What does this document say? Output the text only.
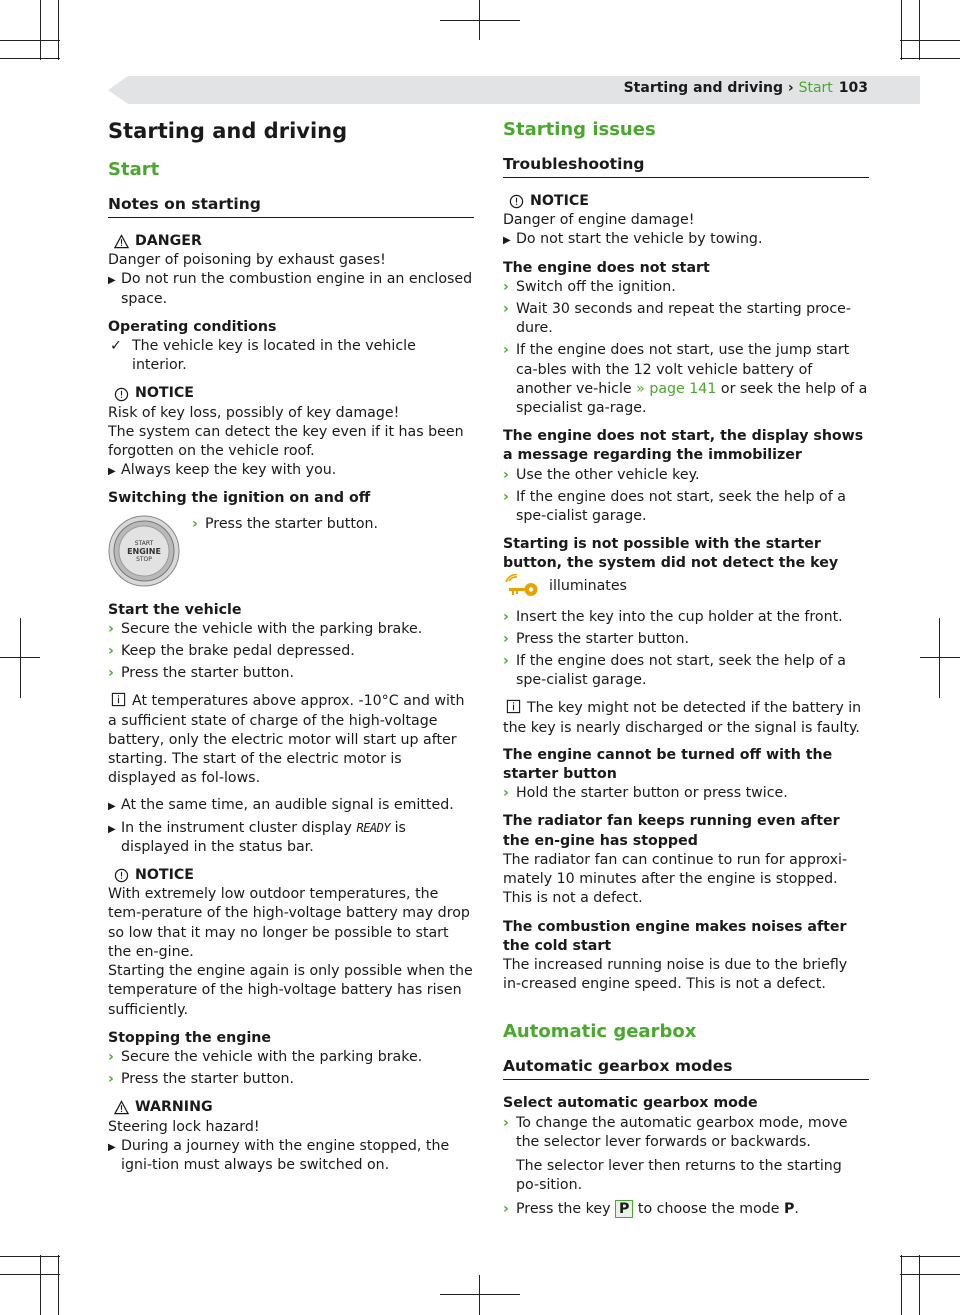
Starting and driving › Start 103
Starting and driving
Start
Notes on starting
DANGER
Danger of poisoning by exhaust gases!
▶ Do not run the combustion engine in an enclosed space.
Operating conditions
✓ The vehicle key is located in the vehicle interior.
NOTICE
Risk of key loss, possibly of key damage!
The system can detect the key even if it has been forgotten on the vehicle roof.
▶ Always keep the key with you.
Switching the ignition on and off
START
ENGINE
STOP
› Press the starter button.
Start the vehicle
› Secure the vehicle with the parking brake.
› Keep the brake pedal depressed.
› Press the starter button.

At temperatures above approx. -10°C and with a sufficient state of charge of the high-voltage battery, only the electric motor will start up after starting. The start of the electric motor is displayed as fol-lows.

▶ At the same time, an audible signal is emitted.
▶ In the instrument cluster display READY is displayed in the status bar.
NOTICE
With extremely low outdoor temperatures, the tem-perature of the high-voltage battery may drop so low that it may no longer be possible to start the en-gine.
Starting the engine again is only possible when the temperature of the high-voltage battery has risen sufficiently.
Stopping the engine
› Secure the vehicle with the parking brake.
› Press the starter button.
WARNING
Steering lock hazard!
▶ During a journey with the engine stopped, the igni-tion must always be switched on.
Starting issues
Troubleshooting
NOTICE
Danger of engine damage!
▶ Do not start the vehicle by towing.
The engine does not start
› Switch off the ignition.
› Wait 30 seconds and repeat the starting proce-dure.
› If the engine does not start, use the jump start ca-bles with the 12 volt vehicle battery of another ve-hicle » page 141 or seek the help of a specialist ga-rage.
The engine does not start, the display shows a message regarding the immobilizer
› Use the other vehicle key.
› If the engine does not start, seek the help of a spe-cialist garage.
Starting is not possible with the starter button, the system did not detect the key
illuminates
› Insert the key into the cup holder at the front.
› Press the starter button.
› If the engine does not start, seek the help of a spe-cialist garage.

The key might not be detected if the battery in the key is nearly discharged or the signal is faulty.

The engine cannot be turned off with the starter button
› Hold the starter button or press twice.
The radiator fan keeps running even after the en-gine has stopped
The radiator fan can continue to run for approxi-mately 10 minutes after the engine is stopped. This is not a defect.
The combustion engine makes noises after the cold start
The increased running noise is due to the briefly in-creased engine speed. This is not a defect.
Automatic gearbox
Automatic gearbox modes
Select automatic gearbox mode
› To change the automatic gearbox mode, move the selector lever forwards or backwards.
The selector lever then returns to the starting po-sition.
› Press the key P to choose the mode P.
